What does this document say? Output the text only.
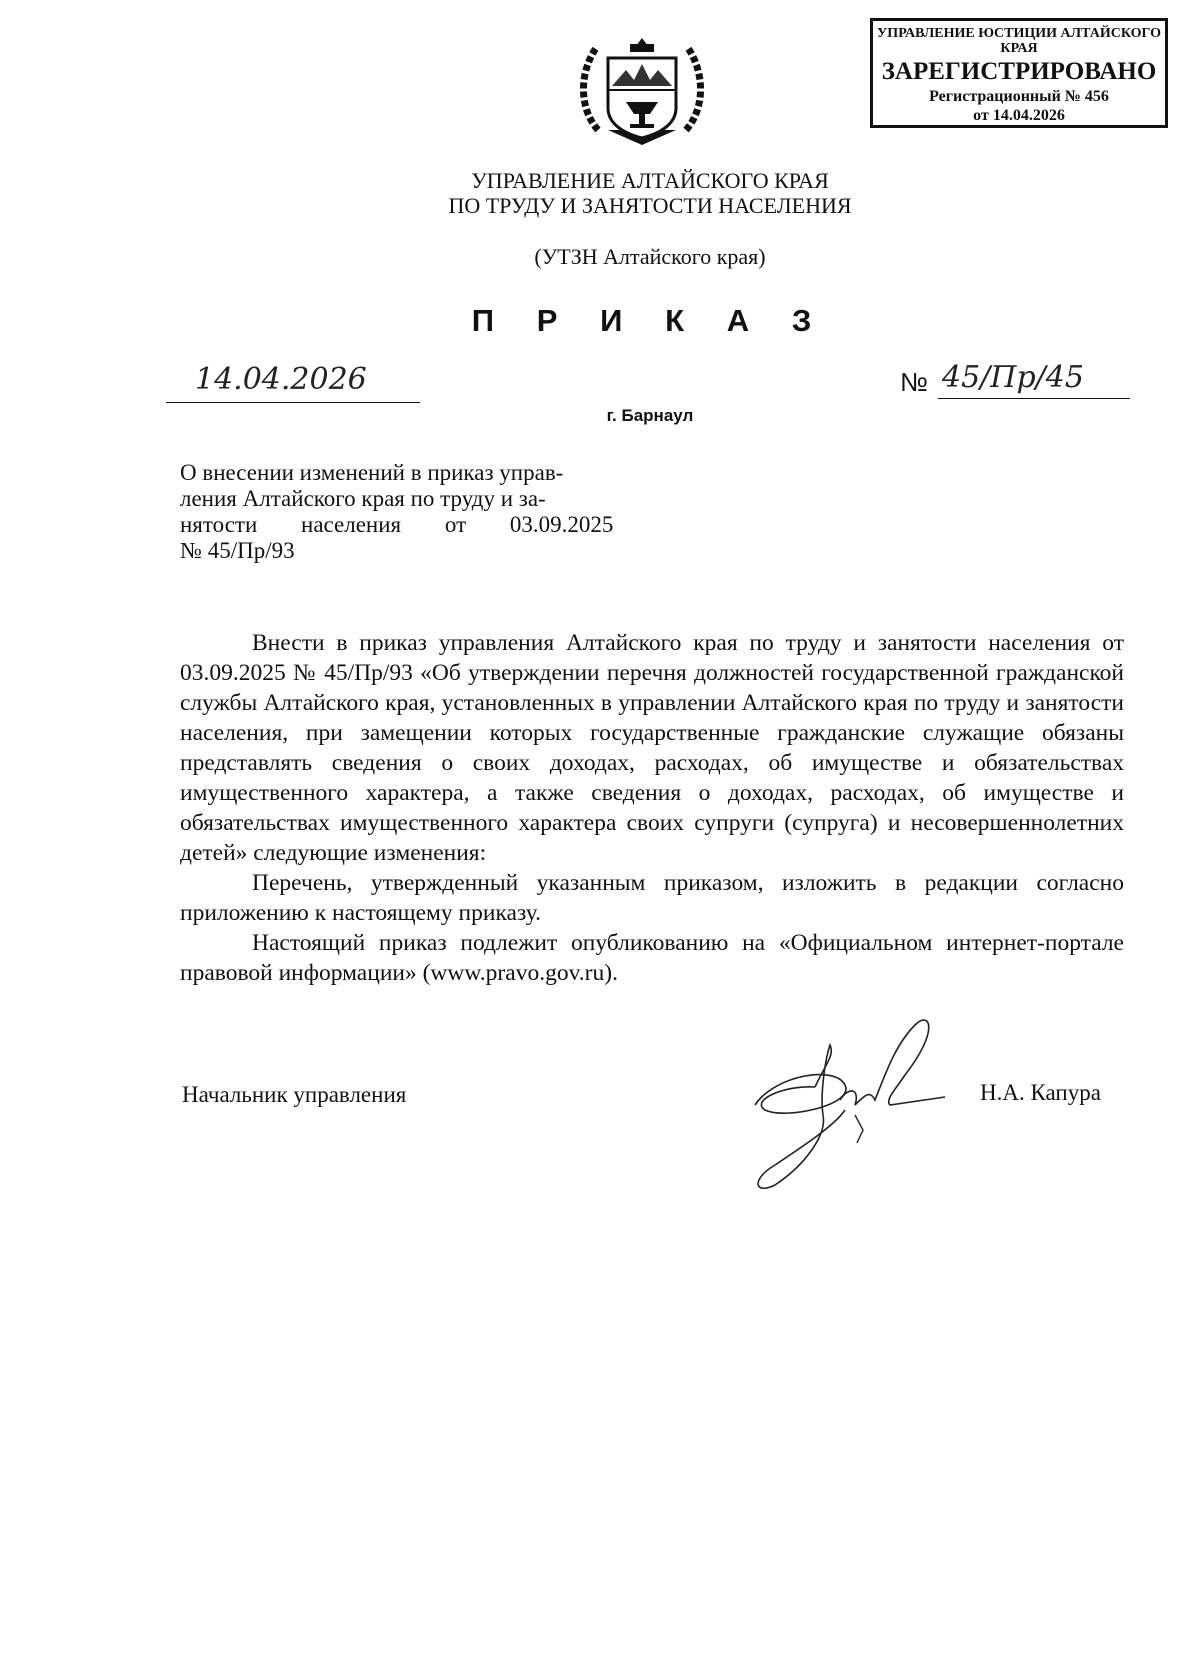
УПРАВЛЕНИЕ ЮСТИЦИИ АЛТАЙСКОГО КРАЯ
ЗАРЕГИСТРИРОВАНО
Регистрационный № 456
от 14.04.2026
УПРАВЛЕНИЕ АЛТАЙСКОГО КРАЯ
ПО ТРУДУ И ЗАНЯТОСТИ НАСЕЛЕНИЯ
(УТЗН Алтайского края)
П Р И К А З
14.04.2026	№ 45/Пр/45
г. Барнаул
О внесении изменений в приказ управ-
ления Алтайского края по труду и за-
нятости населения от 03.09.2025
№ 45/Пр/93

Внести в приказ управления Алтайского края по труду и занятости населения от 03.09.2025 № 45/Пр/93 «Об утверждении перечня должностей государственной гражданской службы Алтайского края, установленных в управлении Алтайского края по труду и занятости населения, при замещении которых государственные гражданские служащие обязаны представлять сведения о своих доходах, расходах, об имуществе и обязательствах имущественного характера, а также сведения о доходах, расходах, об имуществе и обязательствах имущественного характера своих супруги (супруга) и несовершеннолетних детей» следующие изменения:

Перечень, утвержденный указанным приказом, изложить в редакции согласно приложению к настоящему приказу.

Настоящий приказ подлежит опубликованию на «Официальном интернет-портале правовой информации» (www.pravo.gov.ru).

Начальник управления	Н.А. Капура
